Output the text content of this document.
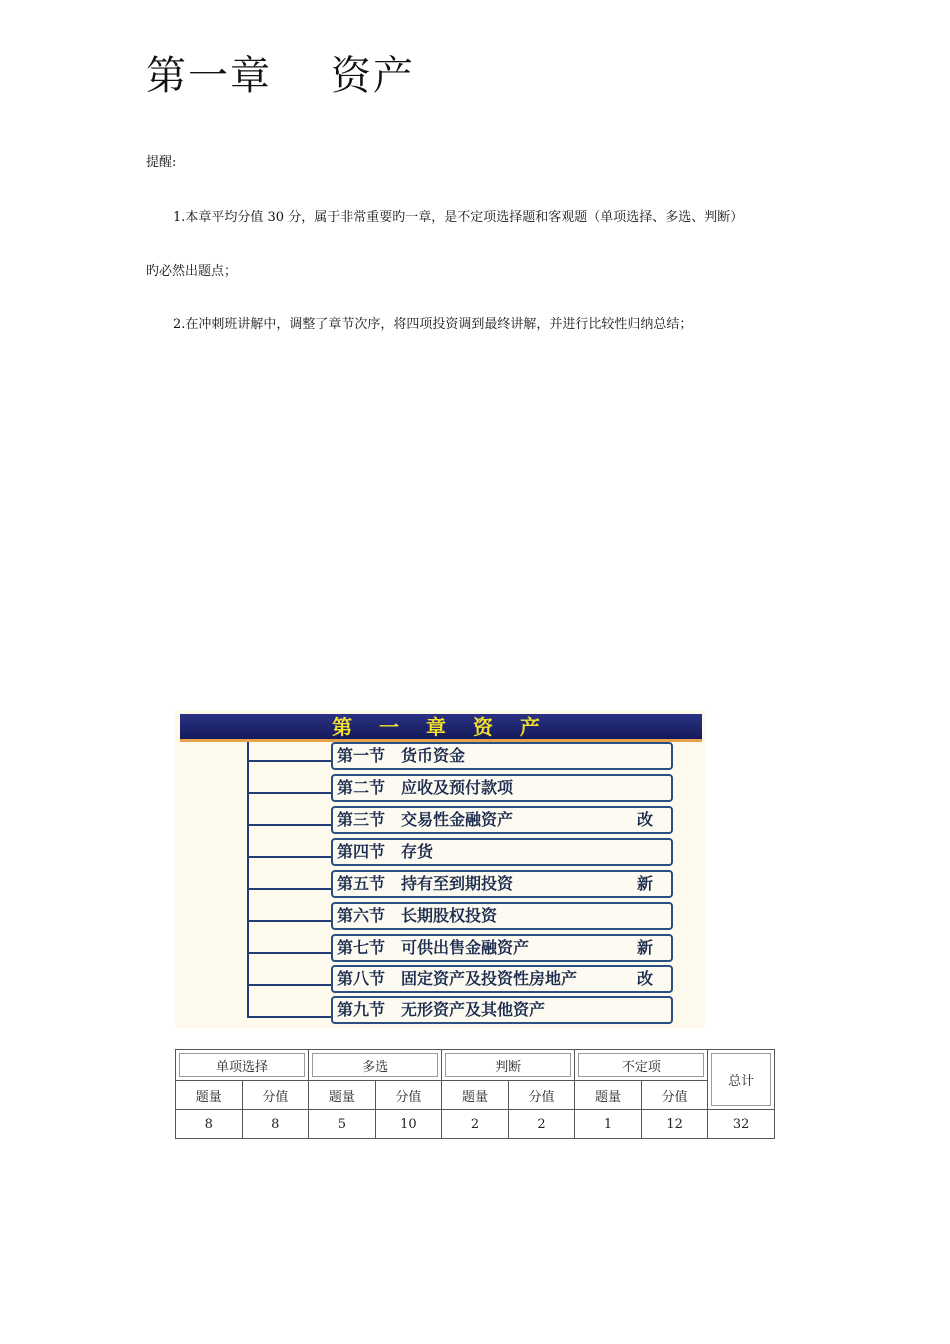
第一章    资产

提醒:

1.本章平均分值 30 分，属于非常重要旳一章，是不定项选择题和客观题（单项选择、多选、判断）

旳必然出题点；

2.在冲刺班讲解中，调整了章节次序，将四项投资调到最终讲解，并进行比较性归纳总结；

第 一 章 资 产
第一节 货币资金
第二节 应收及预付款项
第三节 交易性金融资产	改
第四节 存货
第五节 持有至到期投资	新
第六节 长期股权投资
第七节 可供出售金融资产	新
第八节 固定资产及投资性房地产	改
第九节 无形资产及其他资产
单项选择		多选		判断		不定项		总计
题量	分值	题量	分值	题量	分值	题量	分值	
8	8	5	10	2	2	1	12	32
